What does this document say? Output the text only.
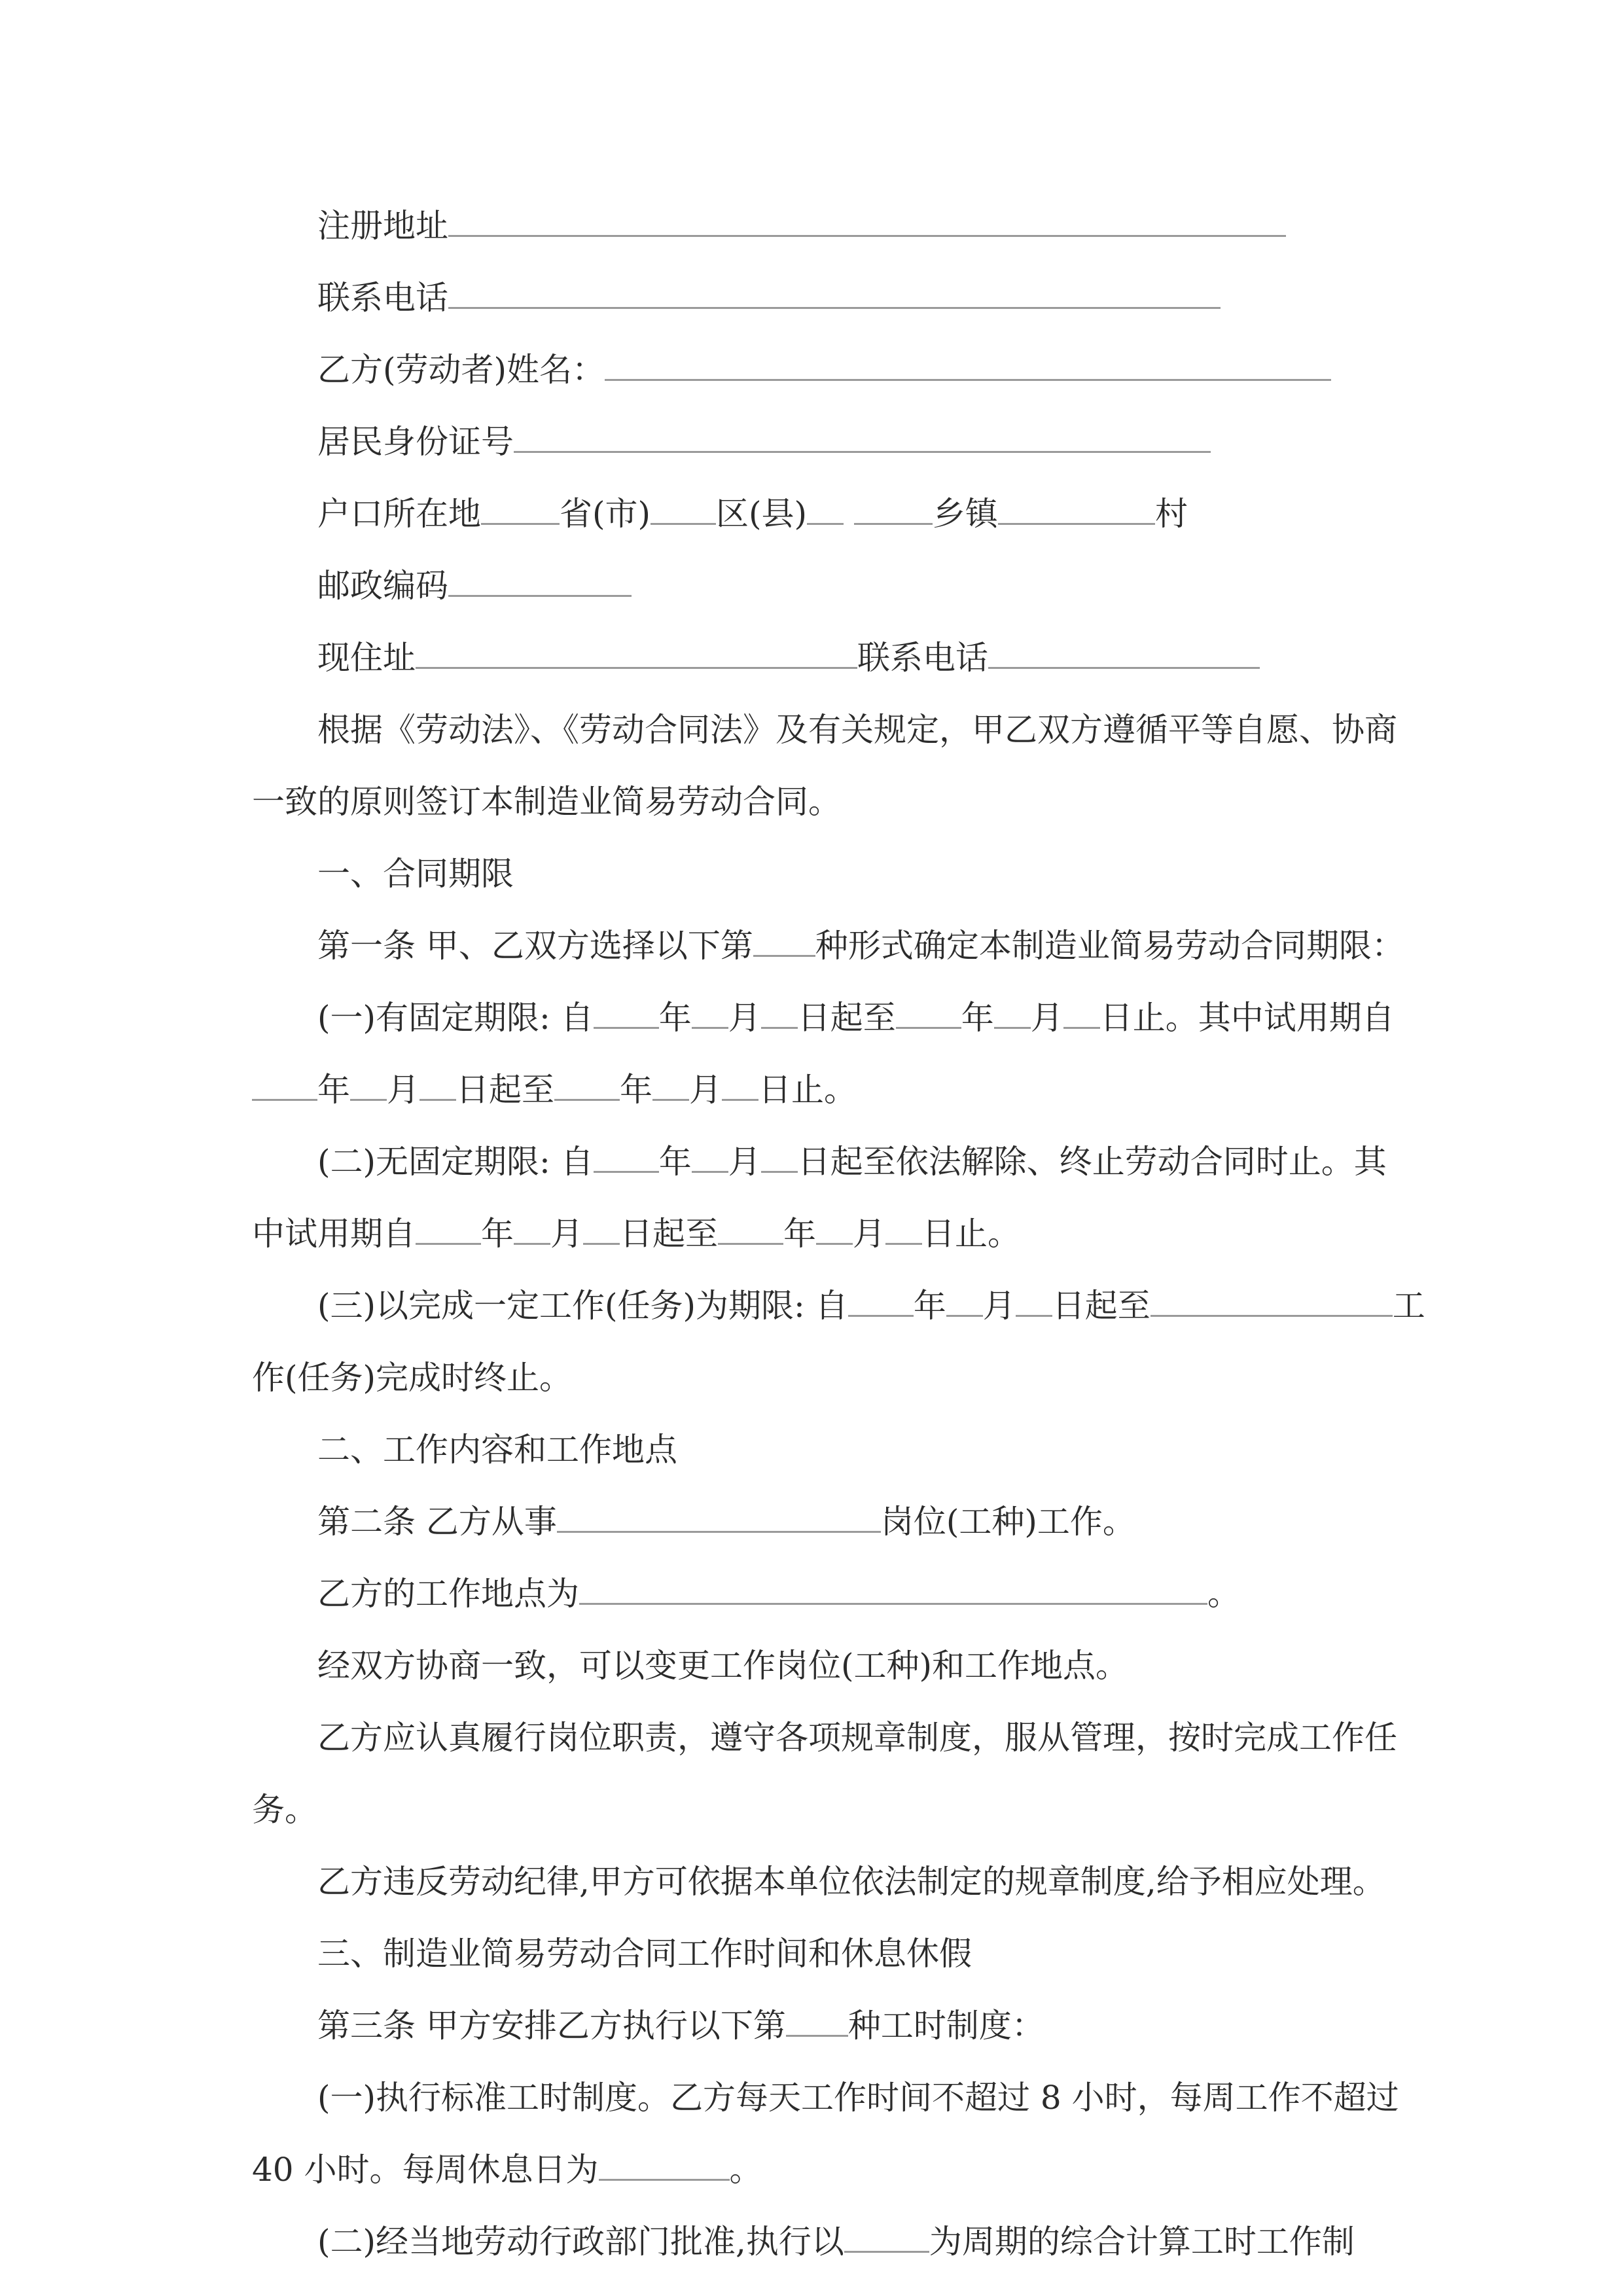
注册地址
联系电话
乙方(劳动者)姓名：
居民身份证号
户口所在地 省(市) 区(县)	乡镇	村
邮政编码
现住址	联系电话
根据《劳动法》、《劳动合同法》及有关规定，甲乙双方遵循平等自愿、协商
一致的原则签订本制造业简易劳动合同。
一、合同期限
第一条 甲、乙双方选择以下第 种形式确定本制造业简易劳动合同期限：
(一)有固定期限: 自 年 月 日起至 年 月 日止。其中试用期自
年 月 日起至 年 月 日止。
(二)无固定期限: 自 年 月 日起至依法解除、终止劳动合同时止。其
中试用期自 年 月 日起至 年 月 日止。
(三)以完成一定工作(任务)为期限: 自 年 月 日起至	工
作(任务)完成时终止。
二、工作内容和工作地点
第二条 乙方从事	岗位(工种)工作。
乙方的工作地点为	。
经双方协商一致，可以变更工作岗位(工种)和工作地点。
乙方应认真履行岗位职责，遵守各项规章制度，服从管理，按时完成工作任
务。
乙方违反劳动纪律,甲方可依据本单位依法制定的规章制度,给予相应处理。
三、制造业简易劳动合同工作时间和休息休假
第三条 甲方安排乙方执行以下第 种工时制度：
(一)执行标准工时制度。乙方每天工作时间不超过 8 小时，每周工作不超过
40 小时。每周休息日为	。
(二)经当地劳动行政部门批准,执行以	为周期的综合计算工时工作制
